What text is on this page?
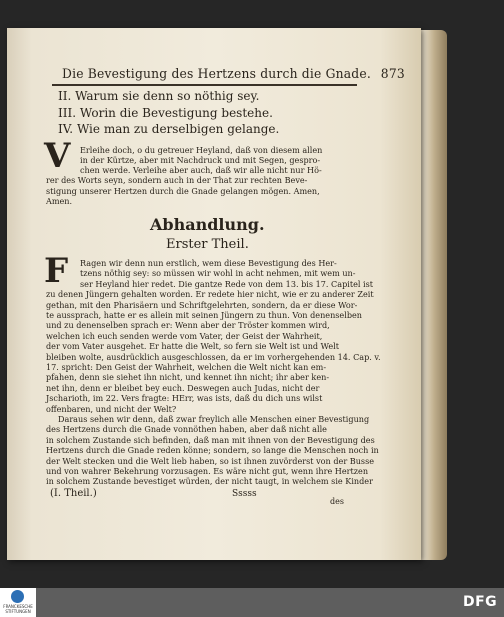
Die Bevestigung des Hertzens durch die Gnade. 873
II. Warum sie denn so nöthig sey.
III. Worin die Bevestigung bestehe.
IV. Wie man zu derselbigen gelange.
V Erleihe doch, o du getreuer Heyland, daß von diesem allen
in der Kürtze, aber mit Nachdruck und mit Segen, gespro-
chen werde. Verleihe aber auch, daß wir alle nicht nur Hö-
rer des Worts seyn, sondern auch in der That zur rechten Beve-
stigung unserer Hertzen durch die Gnade gelangen mögen. Amen,
Amen.
Abhandlung.
Erster Theil.
F Ragen wir denn nun erstlich, wem diese Bevestigung des Her-
tzens nöthig sey: so müssen wir wohl in acht nehmen, mit wem un-
ser Heyland hier redet. Die gantze Rede von dem 13. bis 17. Capitel ist
zu denen Jüngern gehalten worden. Er redete hier nicht, wie er zu anderer Zeit
gethan, mit den Pharisäern und Schriftgelehrten, sondern, da er diese Wor-
te aussprach, hatte er es allein mit seinen Jüngern zu thun. Von denenselben
und zu denenselben sprach er: Wenn aber der Tröster kommen wird,
welchen ich euch senden werde vom Vater, der Geist der Wahrheit,
der vom Vater ausgehet. Er hatte die Welt, so fern sie Welt ist und Welt
bleiben wolte, ausdrücklich ausgeschlossen, da er im vorhergehenden 14. Cap. v.
17. spricht: Den Geist der Wahrheit, welchen die Welt nicht kan em-
pfahen, denn sie siehet ihn nicht, und kennet ihn nicht; ihr aber ken-
net ihn, denn er bleibet bey euch. Deswegen auch Judas, nicht der
Jscharioth, im 22. Vers fragte: HErr, was ists, daß du dich uns wilst
offenbaren, und nicht der Welt?
Daraus sehen wir denn, daß zwar freylich alle Menschen einer Bevestigung
des Hertzens durch die Gnade vonnöthen haben, aber daß nicht alle
in solchem Zustande sich befinden, daß man mit ihnen von der Bevestigung des
Hertzens durch die Gnade reden könne; sondern, so lange die Menschen noch in
der Welt stecken und die Welt lieb haben, so ist ihnen zuvörderst von der Busse
und von wahrer Bekehrung vorzusagen. Es wäre nicht gut, wenn ihre Hertzen
in solchem Zustande bevestiget würden, der nicht taugt, in welchem sie Kinder
(I. Theil.)	Sssss
des
FRANCKESCHE STIFTUNGEN
DFG
